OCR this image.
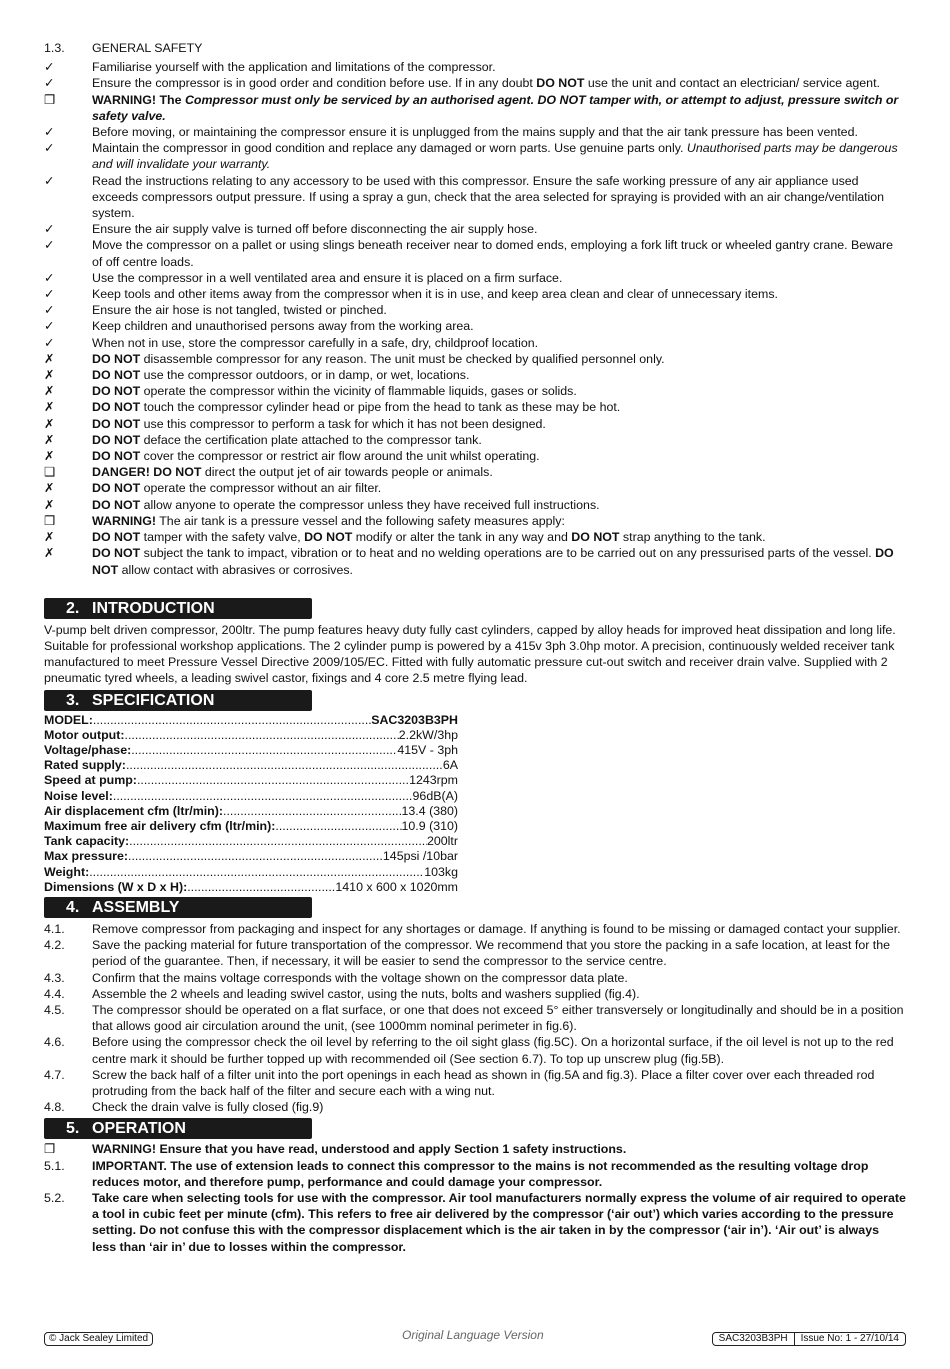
1.3.	GENERAL SAFETY
✓	Familiarise yourself with the application and limitations of the compressor.
✓	Ensure the compressor is in good order and condition before use. If in any doubt DO NOT use the unit and contact an electrician/ service agent.
❒	WARNING! The Compressor must only be serviced by an authorised agent. DO NOT tamper with, or attempt to adjust, pressure switch or safety valve.
✓	Before moving, or maintaining the compressor ensure it is unplugged from the mains supply and that the air tank pressure has been vented.
✓	Maintain the compressor in good condition and replace any damaged or worn parts. Use genuine parts only. Unauthorised parts may be dangerous and will invalidate your warranty.
✓	Read the instructions relating to any accessory to be used with this compressor. Ensure the safe working pressure of any air appliance used exceeds compressors output pressure. If using a spray a gun, check that the area selected for spraying is provided with an air change/ventilation system.
✓	Ensure the air supply valve is turned off before disconnecting the air supply hose.
✓	Move the compressor on a pallet or using slings beneath receiver near to domed ends, employing a fork lift truck or wheeled gantry crane. Beware of off centre loads.
✓	Use the compressor in a well ventilated area and ensure it is placed on a firm surface.
✓	Keep tools and other items away from the compressor when it is in use, and keep area clean and clear of unnecessary items.
✓	Ensure the air hose is not tangled, twisted or pinched.
✓	Keep children and unauthorised persons away from the working area.
✓	When not in use, store the compressor carefully in a safe, dry, childproof location.
✗	DO NOT disassemble compressor for any reason. The unit must be checked by qualified personnel only.
✗	DO NOT use the compressor outdoors, or in damp, or wet, locations.
✗	DO NOT operate the compressor within the vicinity of flammable liquids, gases or solids.
✗	DO NOT touch the compressor cylinder head or pipe from the head to tank as these may be hot.
✗	DO NOT use this compressor to perform a task for which it has not been designed.
✗	DO NOT deface the certification plate attached to the compressor tank.
✗	DO NOT cover the compressor or restrict air flow around the unit whilst operating.
❑	DANGER! DO NOT direct the output jet of air towards people or animals.
✗	DO NOT operate the compressor without an air filter.
✗	DO NOT allow anyone to operate the compressor unless they have received full instructions.
❒	WARNING! The air tank is a pressure vessel and the following safety measures apply:
✗	DO NOT tamper with the safety valve, DO NOT modify or alter the tank in any way and DO NOT strap anything to the tank.
✗	DO NOT subject the tank to impact, vibration or to heat and no welding operations are to be carried out on any pressurised parts of the vessel. DO NOT allow contact with abrasives or corrosives.
2. INTRODUCTION
V-pump belt driven compressor, 200ltr. The pump features heavy duty fully cast cylinders, capped by alloy heads for improved heat dissipation and long life. Suitable for professional workshop applications. The 2 cylinder pump is powered by a 415v 3ph 3.0hp motor. A precision, continuously welded receiver tank manufactured to meet Pressure Vessel Directive 2009/105/EC. Fitted with fully automatic pressure cut-out switch and receiver drain valve. Supplied with 2 pneumatic tyred wheels, a leading swivel castor, fixings and 4 core 2.5 metre flying lead.
3. SPECIFICATION
MODEL: .....	SAC3203B3PH
Motor output: .....	2.2kW/3hp
Voltage/phase: .....	415V - 3ph
Rated supply: .....	6A
Speed at pump: .....	1243rpm
Noise level: .....	96dB(A)
Air displacement cfm (ltr/min): .....	13.4 (380)
Maximum free air delivery cfm (ltr/min): .....	10.9 (310)
Tank capacity: .....	200ltr
Max pressure: .....	145psi /10bar
Weight: .....	103kg
Dimensions (W x D x H): .....	1410 x 600 x 1020mm
4. ASSEMBLY
4.1.	Remove compressor from packaging and inspect for any shortages or damage. If anything is found to be missing or damaged contact your supplier.
4.2.	Save the packing material for future transportation of the compressor. We recommend that you store the packing in a safe location, at least for the period of the guarantee. Then, if necessary, it will be easier to send the compressor to the service centre.
4.3.	Confirm that the mains voltage corresponds with the voltage shown on the compressor data plate.
4.4.	Assemble the 2 wheels and leading swivel castor, using the nuts, bolts and washers supplied (fig.4).
4.5.	The compressor should be operated on a flat surface, or one that does not exceed 5° either transversely or longitudinally and should be in a position that allows good air circulation around the unit, (see 1000mm nominal perimeter in fig.6).
4.6.	Before using the compressor check the oil level by referring to the oil sight glass (fig.5C). On a horizontal surface, if the oil level is not up to the red centre mark it should be further topped up with recommended oil (See section 6.7). To top up unscrew plug (fig.5B).
4.7.	Screw the back half of a filter unit into the port openings in each head as shown in (fig.5A and fig.3). Place a filter cover over each threaded rod protruding from the back half of the filter and secure each with a wing nut.
4.8.	Check the drain valve is fully closed (fig.9)
5. OPERATION
❒	WARNING! Ensure that you have read, understood and apply Section 1 safety instructions.
5.1.	IMPORTANT. The use of extension leads to connect this compressor to the mains is not recommended as the resulting voltage drop reduces motor, and therefore pump, performance and could damage your compressor.
5.2.	Take care when selecting tools for use with the compressor. Air tool manufacturers normally express the volume of air required to operate a tool in cubic feet per minute (cfm). This refers to free air delivered by the compressor (‘air out’) which varies according to the pressure setting. Do not confuse this with the compressor displacement which is the air taken in by the compressor (‘air in’). ‘Air out’ is always less than ‘air in’ due to losses within the compressor.
© Jack Sealey Limited	Original Language Version	SAC3203B3PH	Issue No: 1 - 27/10/14
